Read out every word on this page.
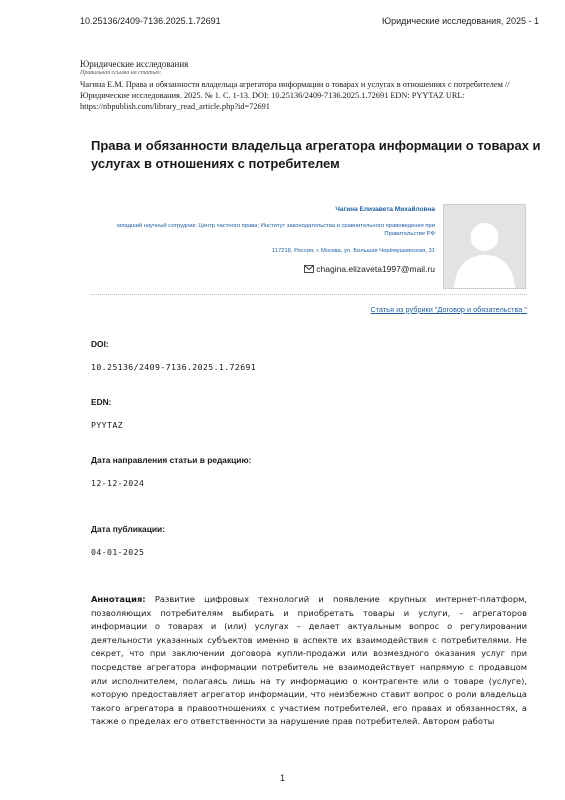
10.25136/2409-7136.2025.1.72691	Юридические исследования, 2025 - 1
Юридические исследования
Правильная ссылка на статью:
Чагина Е.М. Права и обязанности владельца агрегатора информации о товарах и услугах в отношениях с потребителем // Юридические исследования. 2025. № 1. С. 1-13. DOI: 10.25136/2409-7136.2025.1.72691 EDN: PYYTAZ URL: https://nbpublish.com/library_read_article.php?id=72691
Права и обязанности владельца агрегатора информации о товарах и услугах в отношениях с потребителем
Чагина Елизавета Михайловна
младший научный сотрудник; Центр частного права; Институт законодательства и сравнительного правоведения при Правительстве РФ
117218, Россия, г. Москва, ул. Большая Черёмушкинская, 31
chagina.elizaveta1997@mail.ru
Статья из рубрики "Договор и обязательства "
DOI:
10.25136/2409-7136.2025.1.72691
EDN:
PYYTAZ
Дата направления статьи в редакцию:
12-12-2024
Дата публикации:
04-01-2025
Аннотация: Развитие цифровых технологий и появление крупных интернет-платформ, позволяющих потребителям выбирать и приобретать товары и услуги, – агрегаторов информации о товарах и (или) услугах – делает актуальным вопрос о регулировании деятельности указанных субъектов именно в аспекте их взаимодействия с потребителями. Не секрет, что при заключении договора купли-продажи или возмездного оказания услуг при посредстве агрегатора информации потребитель не взаимодействует напрямую с продавцом или исполнителем, полагаясь лишь на ту информацию о контрагенте или о товаре (услуге), которую предоставляет агрегатор информации, что неизбежно ставит вопрос о роли владельца такого агрегатора в правоотношениях с участием потребителей, его правах и обязанностях, а также о пределах его ответственности за нарушение прав потребителей. Автором работы
1
